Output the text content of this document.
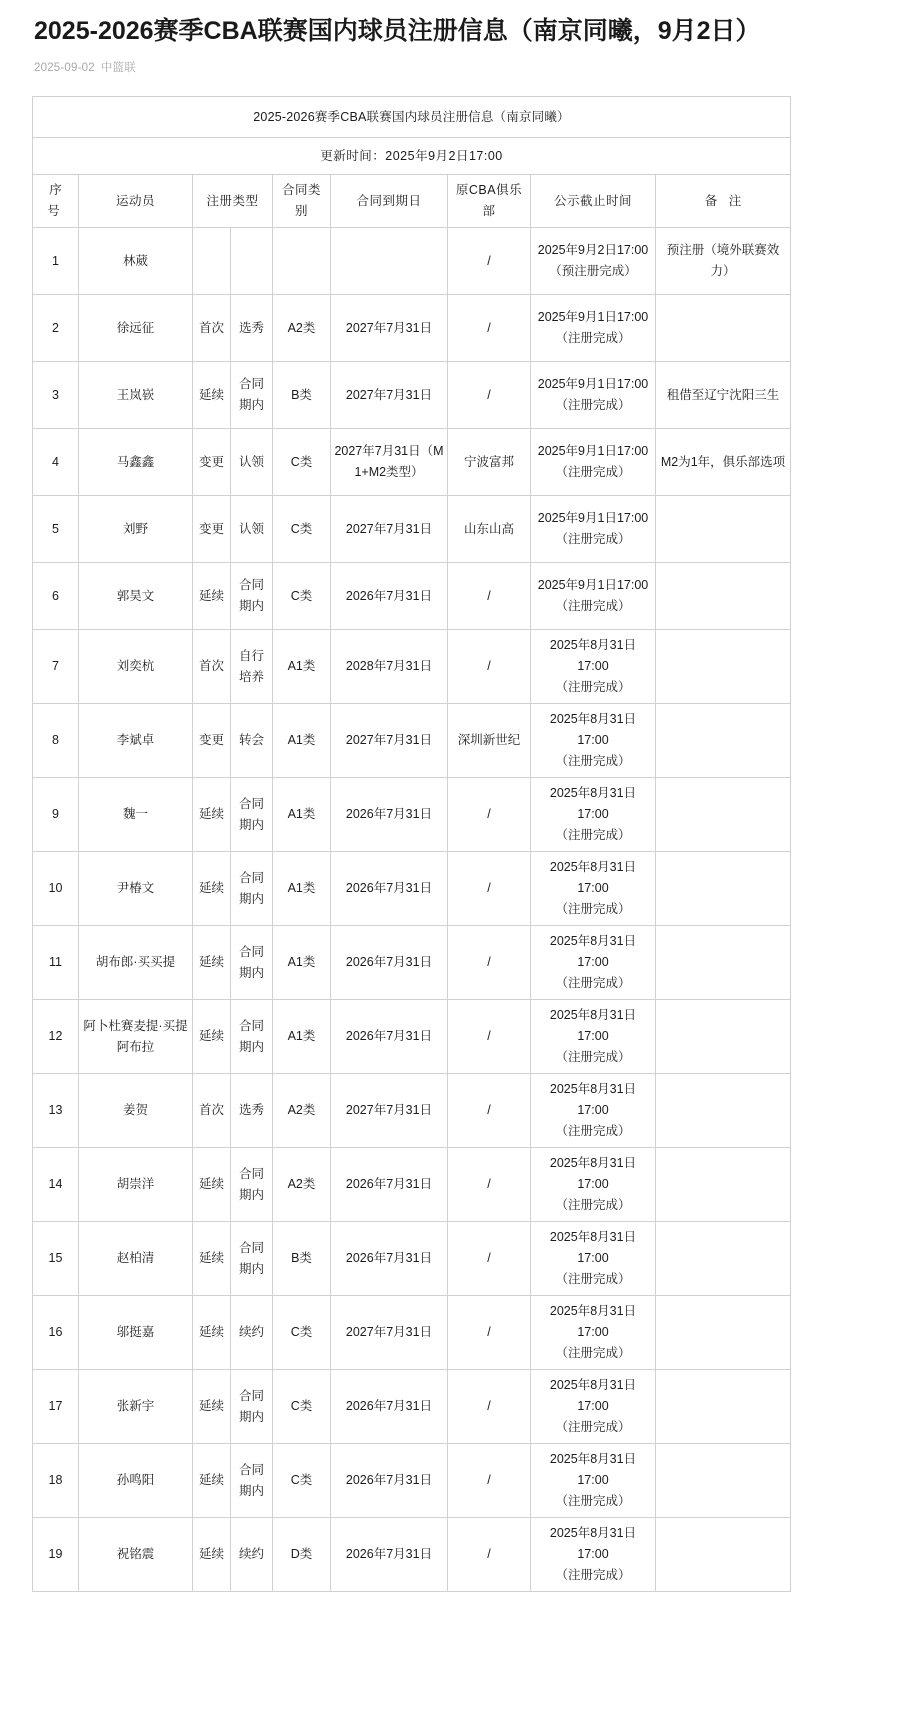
2025-2026赛季CBA联赛国内球员注册信息（南京同曦，9月2日）
2025-09-02 中篮联
2025-2026赛季CBA联赛国内球员注册信息（南京同曦）								
更新时间：2025年9月2日17:00								
序 号	运动员	注册类型		合同类别	合同到期日	原CBA俱乐部	公示截止时间	备 注
1	林葳					/	2025年9月2日17:00
（预注册完成）	预注册（境外联赛效力）
2	徐远征	首次	选秀	A2类	2027年7月31日	/	2025年9月1日17:00
（注册完成）	

3	王岚嵚	延续	合同期内	B类	2027年7月31日	/	2025年9月1日17:00
（注册完成）	租借至辽宁沈阳三生
4	马鑫鑫	变更	认领	C类	2027年7月31日（M1+M2类型）	宁波富邦	2025年9月1日17:00
（注册完成）	M2为1年，俱乐部选项
5	刘野	变更	认领	C类	2027年7月31日	山东山高	2025年9月1日17:00
（注册完成）	

6	郭昊文	延续	合同期内	C类	2026年7月31日	/	2025年9月1日17:00
（注册完成）	

7	刘奕杭	首次	自行培养	A1类	2028年7月31日	/	2025年8月31日
17:00
（注册完成）	

8	李斌卓	变更	转会	A1类	2027年7月31日	深圳新世纪	2025年8月31日
17:00
（注册完成）	

9	魏一	延续	合同期内	A1类	2026年7月31日	/	2025年8月31日
17:00
（注册完成）	

10	尹椿文	延续	合同期内	A1类	2026年7月31日	/	2025年8月31日
17:00
（注册完成）	

11	胡布郎·买买提	延续	合同期内	A1类	2026年7月31日	/	2025年8月31日
17:00
（注册完成）	

12	阿卜杜赛麦提·买提阿布拉	延续	合同期内	A1类	2026年7月31日	/	2025年8月31日
17:00
（注册完成）	

13	姜贺	首次	选秀	A2类	2027年7月31日	/	2025年8月31日
17:00
（注册完成）	

14	胡崇洋	延续	合同期内	A2类	2026年7月31日	/	2025年8月31日
17:00
（注册完成）	

15	赵柏清	延续	合同期内	B类	2026年7月31日	/	2025年8月31日
17:00
（注册完成）	

16	邬挺嘉	延续	续约	C类	2027年7月31日	/	2025年8月31日
17:00
（注册完成）	

17	张新宇	延续	合同期内	C类	2026年7月31日	/	2025年8月31日
17:00
（注册完成）	

18	孙鸣阳	延续	合同期内	C类	2026年7月31日	/	2025年8月31日
17:00
（注册完成）	

19	祝铭震	延续	续约	D类	2026年7月31日	/	2025年8月31日
17:00
（注册完成）	
